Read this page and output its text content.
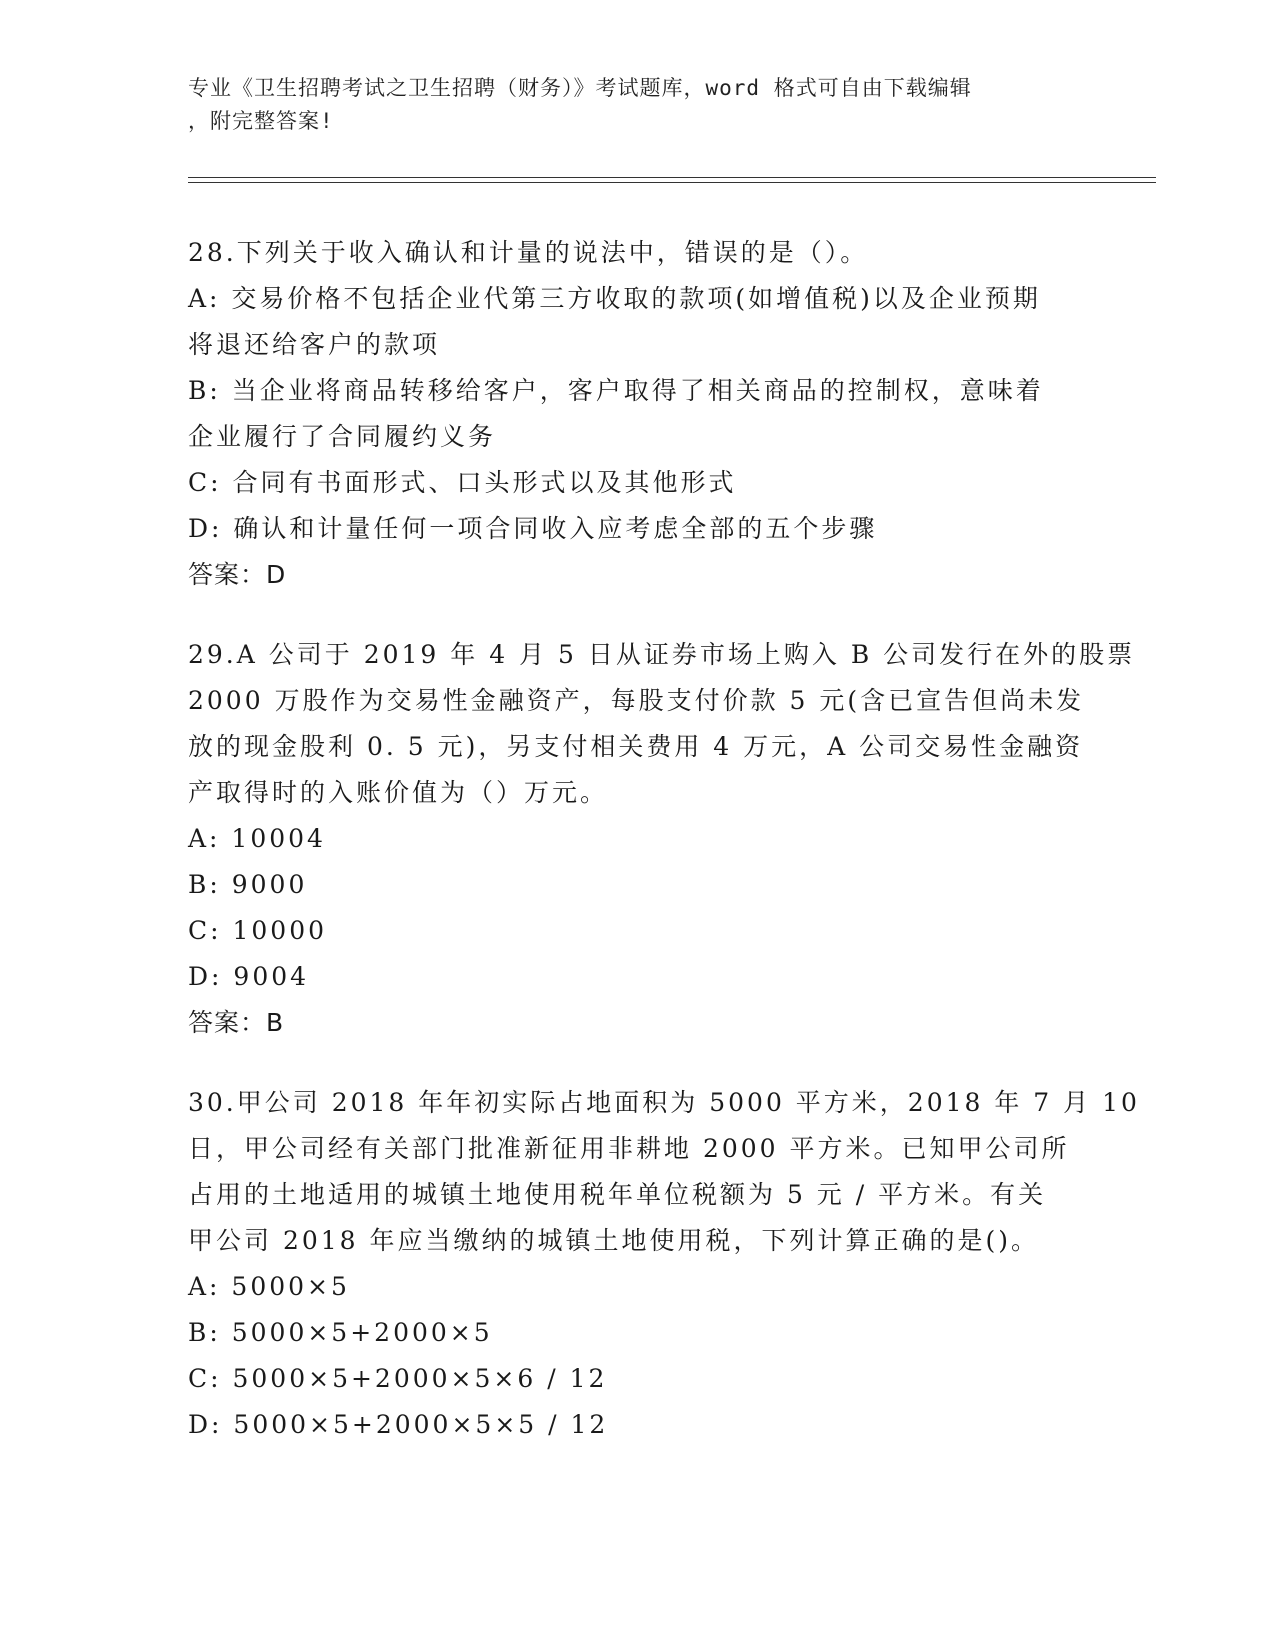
专业《卫生招聘考试之卫生招聘（财务）》考试题库，word 格式可自由下载编辑
，附完整答案!
28.下列关于收入确认和计量的说法中，错误的是（）。
A: 交易价格不包括企业代第三方收取的款项(如增值税)以及企业预期
将退还给客户的款项
B: 当企业将商品转移给客户，客户取得了相关商品的控制权，意味着
企业履行了合同履约义务
C: 合同有书面形式、口头形式以及其他形式
D: 确认和计量任何一项合同收入应考虑全部的五个步骤
答案：D
29.A 公司于 2019 年 4 月 5 日从证券市场上购入 B 公司发行在外的股票
2000 万股作为交易性金融资产，每股支付价款 5 元(含已宣告但尚未发
放的现金股利 0. 5 元)，另支付相关费用 4 万元，A 公司交易性金融资
产取得时的入账价值为（）万元。
A: 10004
B: 9000
C: 10000
D: 9004
答案：B
30.甲公司 2018 年年初实际占地面积为 5000 平方米，2018 年 7 月 10
日，甲公司经有关部门批准新征用非耕地 2000 平方米。已知甲公司所
占用的土地适用的城镇土地使用税年单位税额为 5 元 / 平方米。有关
甲公司 2018 年应当缴纳的城镇土地使用税，下列计算正确的是()。
A: 5000×5
B: 5000×5+2000×5
C: 5000×5+2000×5×6 / 12
D: 5000×5+2000×5×5 / 12
